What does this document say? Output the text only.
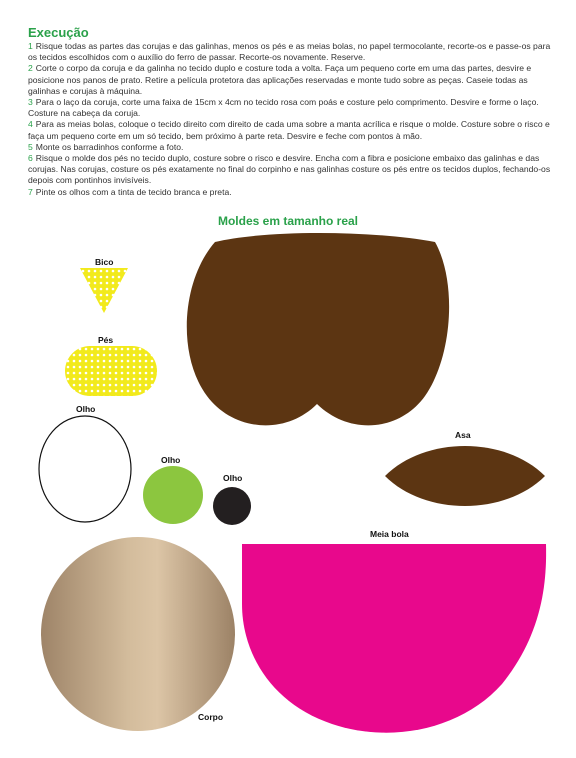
Execução

1 Risque todas as partes das corujas e das galinhas, menos os pés e as meias bolas, no papel termocolante, recorte-os e passe-os para os tecidos escolhidos com o auxílio do ferro de passar. Recorte-os novamente. Reserve.

2 Corte o corpo da coruja e da galinha no tecido duplo e costure toda a volta. Faça um pequeno corte em uma das partes, desvire e posicione nos panos de prato. Retire a película protetora das aplicações reservadas e monte tudo sobre as peças. Caseie todas as galinhas e corujas à máquina.

3 Para o laço da coruja, corte uma faixa de 15cm x 4cm no tecido rosa com poás e costure pelo comprimento. Desvire e forme o laço. Costure na cabeça da coruja.

4 Para as meias bolas, coloque o tecido direito com direito de cada uma sobre a manta acrílica e risque o molde. Costure sobre o risco e faça um pequeno corte em um só tecido, bem próximo à parte reta. Desvire e feche com pontos à mão.

5 Monte os barradinhos conforme a foto.

6 Risque o molde dos pés no tecido duplo, costure sobre o risco e desvire. Encha com a fibra e posicione embaixo das galinhas e das corujas. Nas corujas, costure os pés exatamente no final do corpinho e nas galinhas costure os pés entre os tecidos duplos, fechando-os depois com pontinhos invisíveis.

7 Pinte os olhos com a tinta de tecido branca e preta.

Moldes em tamanho real
Bico
Pés
Olho
Olho
Olho
Asa
Meia bola
Corpo
